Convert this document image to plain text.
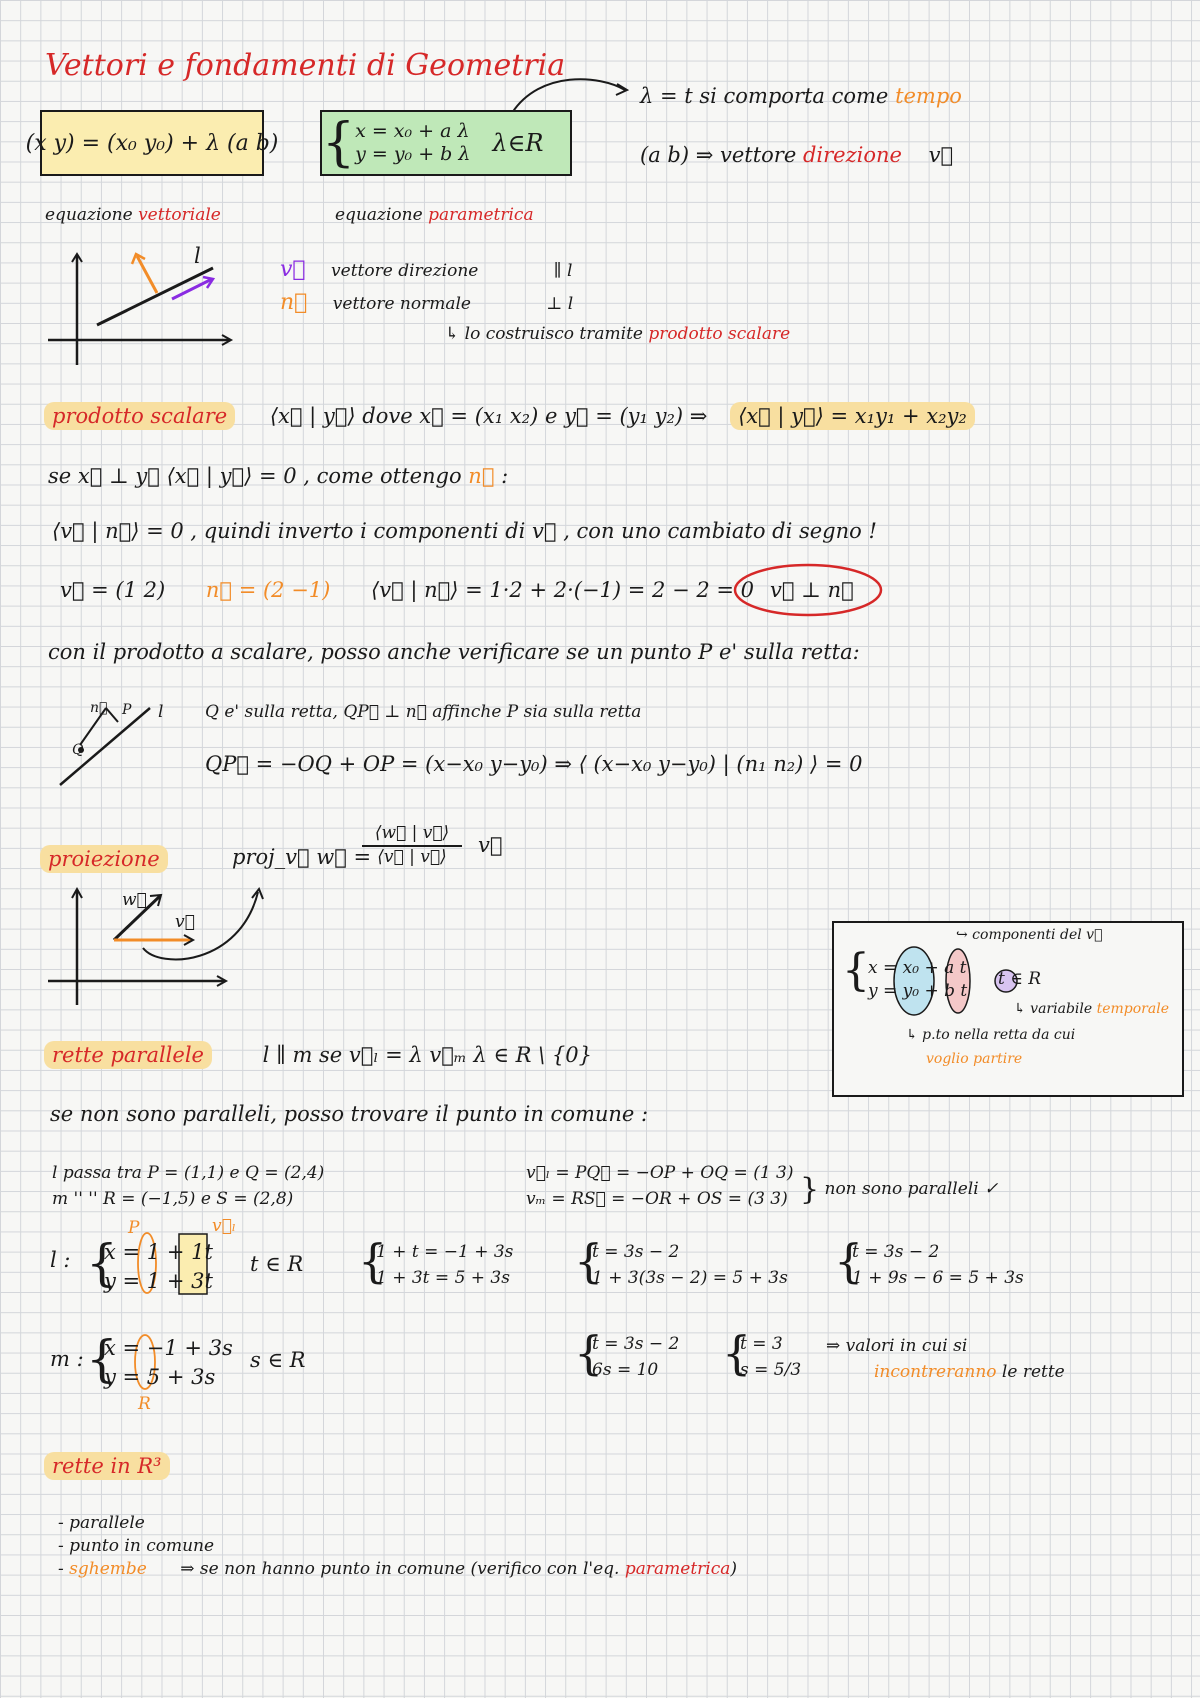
Vettori e fondamenti di Geometria
(x y) = (x₀ y₀) + λ (a b) { x = x₀ + a λ
y = y₀ + b λ λ∈R
λ = t si comporta come tempo
(a b) ⇒ vettore direzione v⃗
equazione vettoriale	equazione parametrica
l
v⃗ vettore direzione	∥ l
n⃗ vettore normale	⊥ l
↳ lo costruisco tramite prodotto scalare
prodotto scalare ⟨x⃗ | y⃗⟩ dove x⃗ = (x₁ x₂) e y⃗ = (y₁ y₂) ⇒ ⟨x⃗ | y⃗⟩ = x₁y₁ + x₂y₂
se x⃗ ⊥ y⃗ ⟨x⃗ | y⃗⟩ = 0 , come ottengo n⃗ :
⟨v⃗ | n⃗⟩ = 0 , quindi inverto i componenti di v⃗ , con uno cambiato di segno !
v⃗ = (1 2) n⃗ = (2 −1) ⟨v⃗ | n⃗⟩ = 1·2 + 2·(−1) = 2 − 2 = 0 v⃗ ⊥ n⃗
con il prodotto a scalare, posso anche verificare se un punto P e' sulla retta:
n⃗ P l
Q
Q e' sulla retta, QP⃗ ⊥ n⃗ affinche P sia sulla retta
QP⃗ = −OQ + OP = (x−x₀ y−y₀) ⇒ ⟨ (x−x₀ y−y₀) | (n₁ n₂) ⟩ = 0
proiezione	proj_v⃗ w⃗ =
⟨w⃗ | v⃗⟩
⟨v⃗ | v⃗⟩	v⃗
w⃗
v⃗
{
x = x₀ + a t
y = y₀ + b t
t ∈ R
↪ componenti del v⃗
↳ variabile temporale
↳ p.to nella retta da cui
voglio partire
rette parallele	l ∥ m se v⃗ₗ = λ v⃗ₘ λ ∈ R \ {0}
se non sono paralleli, posso trovare il punto in comune :
l passa tra P = (1,1) e Q = (2,4)
m '' '' R = (−1,5) e S = (2,8)
v⃗ₗ = PQ⃗ = −OP + OQ = (1 3)
vₘ = RS⃗ = −OR + OS = (3 3) } non sono paralleli ✓
P	v⃗ₗ
l : {
x = 1 + 1t
y = 1 + 3t
t ∈ R
m : {
x = −1 + 3s
y = 5 + 3s
s ∈ R
R
{
1 + t = −1 + 3s
1 + 3t = 5 + 3s {
t = 3s − 2
1 + 3(3s − 2) = 5 + 3s {
t = 3s − 2
1 + 9s − 6 = 5 + 3s
{
t = 3s − 2
6s = 10	{
t = 3
s = 5/3
⇒ valori in cui si
incontreranno le rette
rette in R³
- parallele
- punto in comune
- sghembe ⇒ se non hanno punto in comune (verifico con l'eq. parametrica)
